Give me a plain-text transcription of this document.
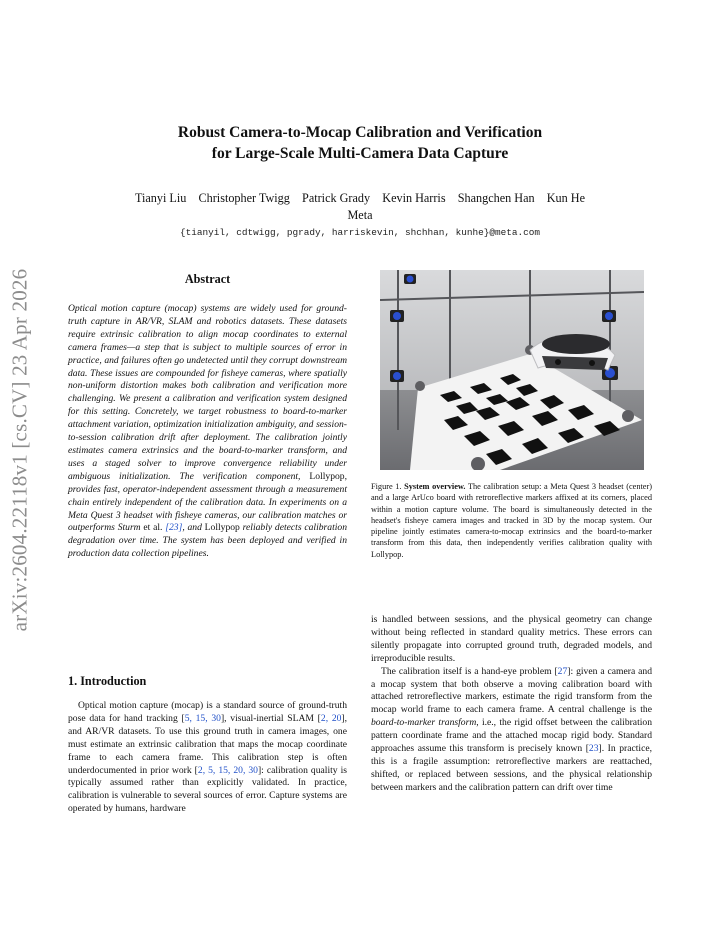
arXiv:2604.22118v1 [cs.CV] 23 Apr 2026
Robust Camera-to-Mocap Calibration and Verification
for Large-Scale Multi-Camera Data Capture
Tianyi Liu    Christopher Twigg    Patrick Grady    Kevin Harris    Shangchen Han    Kun He
Meta
{tianyil, cdtwigg, pgrady, harriskevin, shchhan, kunhe}@meta.com
Abstract
Optical motion capture (mocap) systems are widely used for ground-truth capture in AR/VR, SLAM and robotics datasets. These datasets require extrinsic calibration to align mocap coordinates to external camera frames—a step that is subject to multiple sources of error in practice, and failures often go undetected until they corrupt downstream data. These issues are compounded for fisheye cameras, where spatially non-uniform distortion makes both calibration and verification more challenging. We present a calibration and verification system designed for this setting. Concretely, we target robustness to board-to-marker attachment variation, optimization initialization ambiguity, and session-to-session calibration drift after deployment. The calibration jointly estimates camera extrinsics and the board-to-marker transform, and uses a staged solver to improve convergence reliability under ambiguous initialization. The verification component, Lollypop, provides fast, operator-independent assessment through a measurement chain entirely independent of the calibration data. In experiments on a Meta Quest 3 headset with fisheye cameras, our calibration matches or outperforms Sturm et al. [23], and Lollypop reliably detects calibration degradation over time. The system has been deployed and verified in production data collection pipelines.
1. Introduction

Optical motion capture (mocap) is a standard source of ground-truth pose data for hand tracking [5, 15, 30], visual-inertial SLAM [2, 20], and AR/VR datasets. To use this ground truth in camera images, one must estimate an extrinsic calibration that maps the mocap coordinate frame to each camera frame. This calibration step is often underdocumented in prior work [2, 5, 15, 20, 30]: calibration quality is typically assumed rather than explicitly validated. In practice, calibration is vulnerable to several sources of error. Capture systems are operated by humans, hardware

Figure 1. System overview. The calibration setup: a Meta Quest 3 headset (center) and a large ArUco board with retroreflective markers affixed at its corners, placed within a motion capture volume. The board is simultaneously detected in the headset's fisheye camera images and tracked in 3D by the mocap system. Our pipeline jointly estimates camera-to-mocap extrinsics and the board-to-marker transform from this data, then independently verifies calibration quality with Lollypop.

is handled between sessions, and the physical geometry can change without being reflected in standard quality metrics. These errors can silently propagate into corrupted ground truth, degraded models, and irreproducible results.

The calibration itself is a hand-eye problem [27]: given a camera and a mocap system that both observe a moving calibration board with attached retroreflective markers, estimate the rigid transform from the mocap world frame to each camera frame. A central challenge is the board-to-marker transform, i.e., the rigid offset between the calibration pattern coordinate frame and the attached mocap rigid body. Standard approaches assume this transform is precisely known [23]. In practice, this is a fragile assumption: retroreflective markers are reattached, shifted, or replaced between sessions, and the physical relationship between markers and the calibration pattern can drift over time
